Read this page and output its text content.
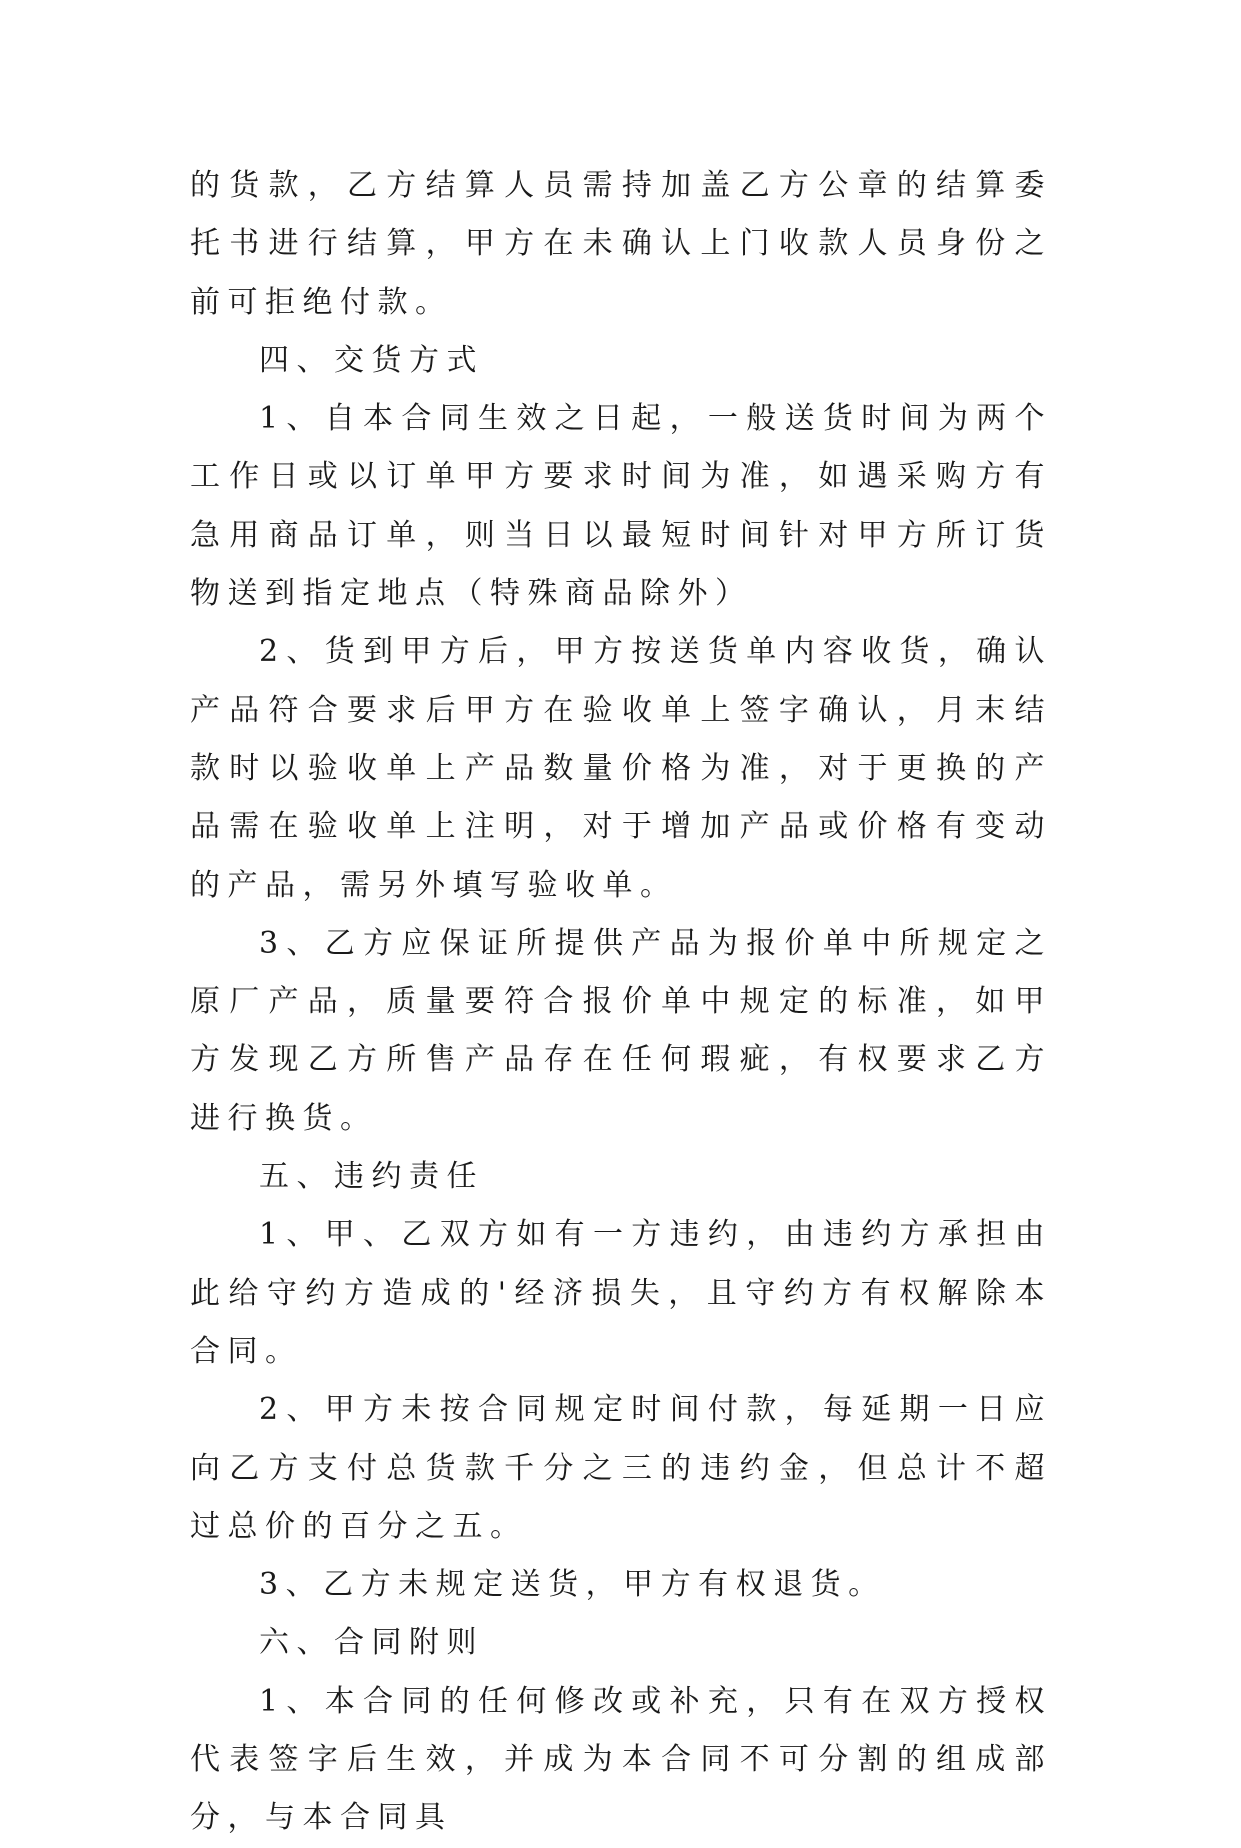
的货款，乙方结算人员需持加盖乙方公章的结算委托书进行结算，甲方在未确认上门收款人员身份之前可拒绝付款。

四、交货方式

1、自本合同生效之日起，一般送货时间为两个工作日或以订单甲方要求时间为准，如遇采购方有急用商品订单，则当日以最短时间针对甲方所订货物送到指定地点（特殊商品除外）

2、货到甲方后，甲方按送货单内容收货，确认产品符合要求后甲方在验收单上签字确认，月末结款时以验收单上产品数量价格为准，对于更换的产品需在验收单上注明，对于增加产品或价格有变动的产品，需另外填写验收单。

3、乙方应保证所提供产品为报价单中所规定之原厂产品，质量要符合报价单中规定的标准，如甲方发现乙方所售产品存在任何瑕疵，有权要求乙方进行换货。

五、违约责任

1、甲、乙双方如有一方违约，由违约方承担由此给守约方造成的'经济损失，且守约方有权解除本合同。

2、甲方未按合同规定时间付款，每延期一日应向乙方支付总货款千分之三的违约金，但总计不超过总价的百分之五。

3、乙方未规定送货，甲方有权退货。

六、合同附则

1、本合同的任何修改或补充，只有在双方授权代表签字后生效，并成为本合同不可分割的组成部分，与本合同具
